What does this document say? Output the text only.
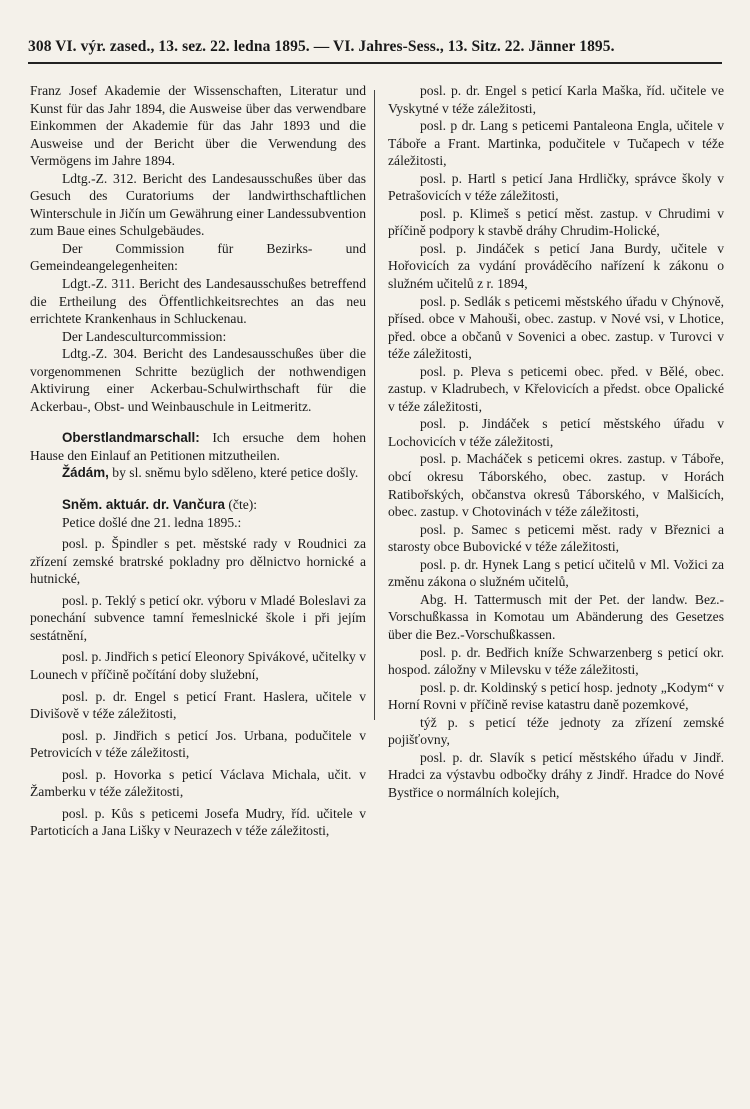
308 VI. výr. zased., 13. sez. 22. ledna 1895. — VI. Jahres-Sess., 13. Sitz. 22. Jänner 1895.

Franz Josef Akademie der Wissenschaften, Literatur und Kunst für das Jahr 1894, die Ausweise über das verwendbare Einkommen der Akademie für das Jahr 1893 und die Ausweise und der Bericht über die Verwendung des Vermögens im Jahre 1894.

Ldtg.-Z. 312. Bericht des Landesausschußes über das Gesuch des Curatoriums der landwirthschaftlichen Winterschule in Jičín um Gewährung einer Landessubvention zum Baue eines Schulgebäudes.

Der Commission für Bezirks- und Gemeindeangelegenheiten:

Ldgt.-Z. 311. Bericht des Landesausschußes betreffend die Ertheilung des Öffentlichkeitsrechtes an das neu errichtete Krankenhaus in Schluckenau.

Der Landesculturcommission:

Ldtg.-Z. 304. Bericht des Landesausschußes über die vorgenommenen Schritte bezüglich der nothwendigen Aktivirung einer Ackerbau-Schulwirthschaft für die Ackerbau-, Obst- und Weinbauschule in Leitmeritz.

Oberstlandmarschall: Ich ersuche dem hohen Hause den Einlauf an Petitionen mitzutheilen.

Žádám, by sl. sněmu bylo sděleno, které petice došly.

Sněm. aktuár. dr. Vančura (čte):

Petice došlé dne 21. ledna 1895.:

posl. p. Špindler s pet. městské rady v Roudnici za zřízení zemské bratrské pokladny pro dělnictvo hornické a hutnické,

posl. p. Teklý s peticí okr. výboru v Mladé Boleslavi za ponechání subvence tamní řemeslnické škole i při jejím sestátnění,

posl. p. Jindřich s peticí Eleonory Spivákové, učitelky v Lounech v příčině počítání doby služební,

posl. p. dr. Engel s peticí Frant. Haslera, učitele v Divišově v téže záležitosti,

posl. p. Jindřich s peticí Jos. Urbana, podučitele v Petrovicích v téže záležitosti,

posl. p. Hovorka s peticí Václava Michala, učit. v Žamberku v téže záležitosti,

posl. p. Kůs s peticemi Josefa Mudry, říd. učitele v Partoticích a Jana Lišky v Neurazech v téže záležitosti,

posl. p. dr. Engel s peticí Karla Maška, říd. učitele ve Vyskytné v téže záležitosti,

posl. p dr. Lang s peticemi Pantaleona Engla, učitele v Táboře a Frant. Martinka, podučitele v Tučapech v téže záležitosti,

posl. p. Hartl s peticí Jana Hrdličky, správce školy v Petrašovicích v téže záležitosti,

posl. p. Klimeš s peticí měst. zastup. v Chrudimi v příčině podpory k stavbě dráhy Chrudim-Holické,

posl. p. Jindáček s peticí Jana Burdy, učitele v Hořovicích za vydání prováděcího nařízení k zákonu o služném učitelů z r. 1894,

posl. p. Sedlák s peticemi městského úřadu v Chýnově, přísed. obce v Mahouši, obec. zastup. v Nové vsi, v Lhotice, před. obce a občanů v Sovenici a obec. zastup. v Turovci v téže záležitosti,

posl. p. Pleva s peticemi obec. před. v Bělé, obec. zastup. v Kladrubech, v Křelovicích a předst. obce Opalické v téže záležitosti,

posl. p. Jindáček s peticí městského úřadu v Lochovicích v téže záležitosti,

posl. p. Macháček s peticemi okres. zastup. v Táboře, obcí okresu Táborského, obec. zastup. v Horách Ratibořských, občanstva okresů Táborského, v Malšicích, obec. zastup. v Chotovinách v téže záležitosti,

posl. p. Samec s peticemi měst. rady v Březnici a starosty obce Bubovické v téže záležitosti,

posl. p. dr. Hynek Lang s peticí učitelů v Ml. Vožici za změnu zákona o služném učitelů,

Abg. H. Tattermusch mit der Pet. der landw. Bez.-Vorschußkassa in Komotau um Abänderung des Gesetzes über die Bez.-Vorschußkassen.

posl. p. dr. Bedřich kníže Schwarzenberg s peticí okr. hospod. záložny v Milevsku v téže záležitosti,

posl. p. dr. Koldinský s peticí hosp. jednoty „Kodym“ v Horní Rovni v příčině revise katastru daně pozemkové,

týž p. s peticí téže jednoty za zřízení zemské pojišťovny,

posl. p. dr. Slavík s peticí městského úřadu v Jindř. Hradci za výstavbu odbočky dráhy z Jindř. Hradce do Nové Bystřice o normálních kolejích,
